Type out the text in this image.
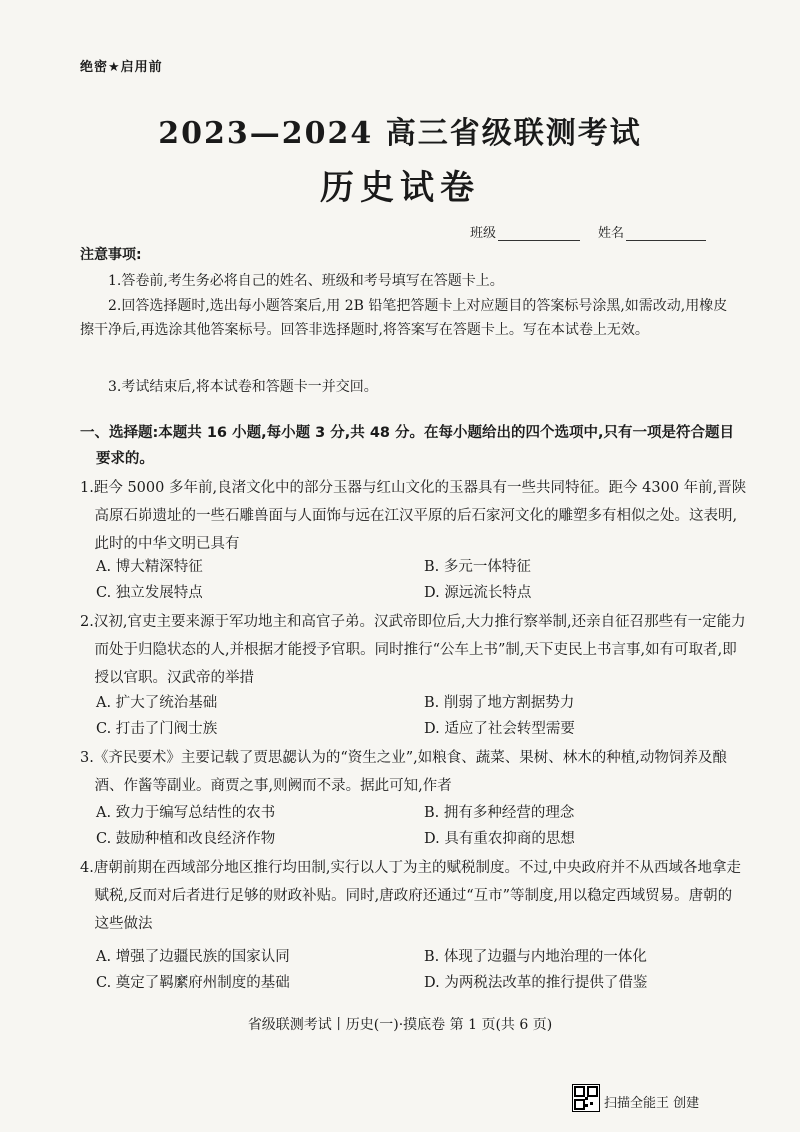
绝密★启用前
2023—2024 高三省级联测考试
历史试卷
班级	姓名
注意事项:
1.答卷前,考生务必将自己的姓名、班级和考号填写在答题卡上。
2.回答选择题时,选出每小题答案后,用 2B 铅笔把答题卡上对应题目的答案标号涂黑,如需改动,用橡皮擦干净后,再选涂其他答案标号。回答非选择题时,将答案写在答题卡上。写在本试卷上无效。
3.考试结束后,将本试卷和答题卡一并交回。
一、选择题:本题共 16 小题,每小题 3 分,共 48 分。在每小题给出的四个选项中,只有一项是符合题目要求的。
1.距今 5000 多年前,良渚文化中的部分玉器与红山文化的玉器具有一些共同特征。距今 4300 年前,晋陕高原石峁遗址的一些石雕兽面与人面饰与远在江汉平原的后石家河文化的雕塑多有相似之处。这表明,此时的中华文明已具有
A. 博大精深特征	B. 多元一体特征
C. 独立发展特点	D. 源远流长特点
2.汉初,官吏主要来源于军功地主和高官子弟。汉武帝即位后,大力推行察举制,还亲自征召那些有一定能力而处于归隐状态的人,并根据才能授予官职。同时推行“公车上书”制,天下吏民上书言事,如有可取者,即授以官职。汉武帝的举措
A. 扩大了统治基础	B. 削弱了地方割据势力
C. 打击了门阀士族	D. 适应了社会转型需要
3.《齐民要术》主要记载了贾思勰认为的“资生之业”,如粮食、蔬菜、果树、林木的种植,动物饲养及酿酒、作酱等副业。商贾之事,则阙而不录。据此可知,作者
A. 致力于编写总结性的农书	B. 拥有多种经营的理念
C. 鼓励种植和改良经济作物	D. 具有重农抑商的思想
4.唐朝前期在西域部分地区推行均田制,实行以人丁为主的赋税制度。不过,中央政府并不从西域各地拿走赋税,反而对后者进行足够的财政补贴。同时,唐政府还通过“互市”等制度,用以稳定西域贸易。唐朝的这些做法
A. 增强了边疆民族的国家认同	B. 体现了边疆与内地治理的一体化
C. 奠定了羁縻府州制度的基础	D. 为两税法改革的推行提供了借鉴
省级联测考试丨历史(一)·摸底卷 第 1 页(共 6 页)
扫描全能王 创建
